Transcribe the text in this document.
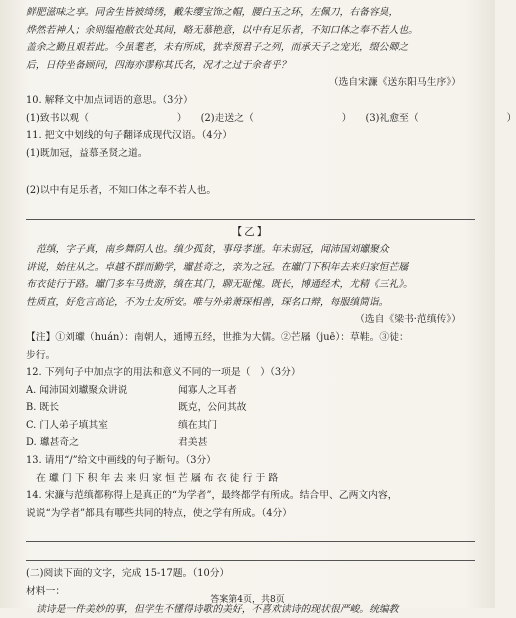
鲜肥滋味之享。同舍生皆被绮绣，戴朱缨宝饰之帽，腰白玉之环，左佩刀，右备容臭，
烨然若神人；余则缊袍敝衣处其间，略无慕艳意，以中有足乐者，不知口体之奉不若人也。
盖余之勤且艰若此。今虽耄老，未有所成，犹幸预君子之列，而承天子之宠光，缀公卿之
后，日侍坐备顾问，四海亦谬称其氏名，况才之过于余者乎？
（选自宋濂《送东阳马生序》）
10. 解释文中加点词语的意思。（3分）
(1)致书以观（	） (2)走送之（	） (3)礼愈至（	）
11. 把文中划线的句子翻译成现代汉语。（4分）
(1)既加冠，益慕圣贤之道。
(2)以中有足乐者，不知口体之奉不若人也。
【乙】
范缜，字子真，南乡舞阴人也。缜少孤贫，事母孝谨。年未弱冠，闻沛国刘瓛聚众
讲说，始往从之。卓越不群而勤学，瓛甚奇之，亲为之冠。在瓛门下积年去来归家恒芒屩
布衣徒行于路。瓛门多车马贵游，缜在其门，聊无耻愧。既长，博通经术，尤精《三礼》。
性质直，好危言高论，不为士友所安。唯与外弟萧琛相善，琛名口辩，每服缜简诣。
（选自《梁书·范缜传》）
【注】①刘瓛（huán）：南朝人，通博五经，世推为大儒。②芒屩（juē）：草鞋。③徒：
步行。
12. 下列句子中加点字的用法和意义不同的一项是（　）（3分）
A. 闻沛国刘瓛聚众讲说	闻寡人之耳者
B. 既长	既克，公问其故
C. 门人弟子填其室	缜在其门
D. 瓛甚奇之	君美甚
13. 请用“/”给文中画线的句子断句。（3分）
在 瓛 门 下 积 年 去 来 归 家 恒 芒 屩 布 衣 徒 行 于 路
14. 宋濂与范缜都称得上是真正的“为学者”，最终都学有所成。结合甲、乙两文内容，
说说“为学者”都具有哪些共同的特点，使之学有所成。（4分）
(二)阅读下面的文字，完成 15-17题。（10分）
材料一：
读诗是一件美妙的事，但学生不懂得诗歌的美好，不喜欢读诗的现状很严峻。统编教
答案第4页，共8页
